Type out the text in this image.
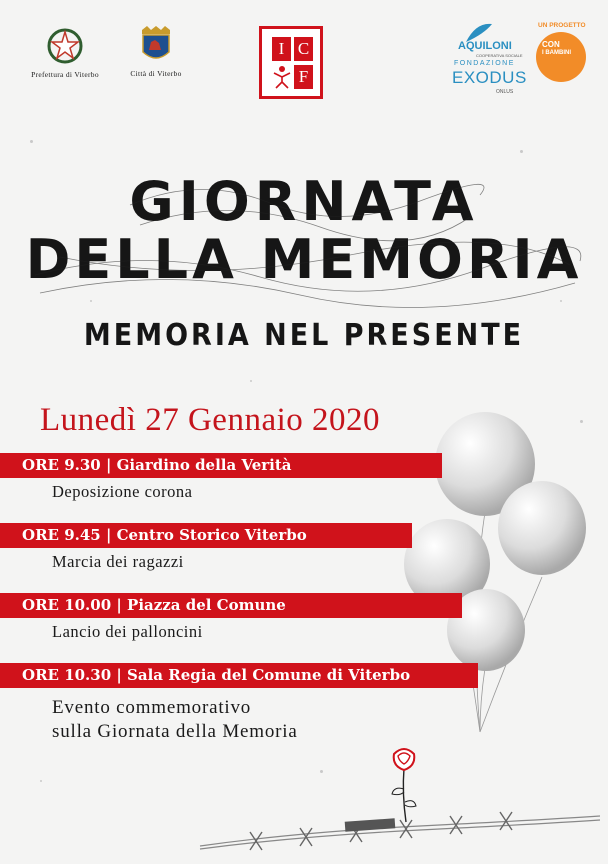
Prefettura di Viterbo	Città di Viterbo
I C
F
AQUILONI
COOPERATIVA SOCIALE
FONDAZIONE
EXODUS
ONLUS
UN PROGETTO
CON
I BAMBINI
GIORNATA
DELLA MEMORIA
MEMORIA NEL PRESENTE
Lunedì 27 Gennaio 2020
ORE 9.30 | Giardino della Verità
Deposizione corona
ORE 9.45 | Centro Storico Viterbo
Marcia dei ragazzi
ORE 10.00 | Piazza del Comune
Lancio dei palloncini
ORE 10.30 | Sala Regia del Comune di Viterbo
Evento commemorativo
sulla Giornata della Memoria
